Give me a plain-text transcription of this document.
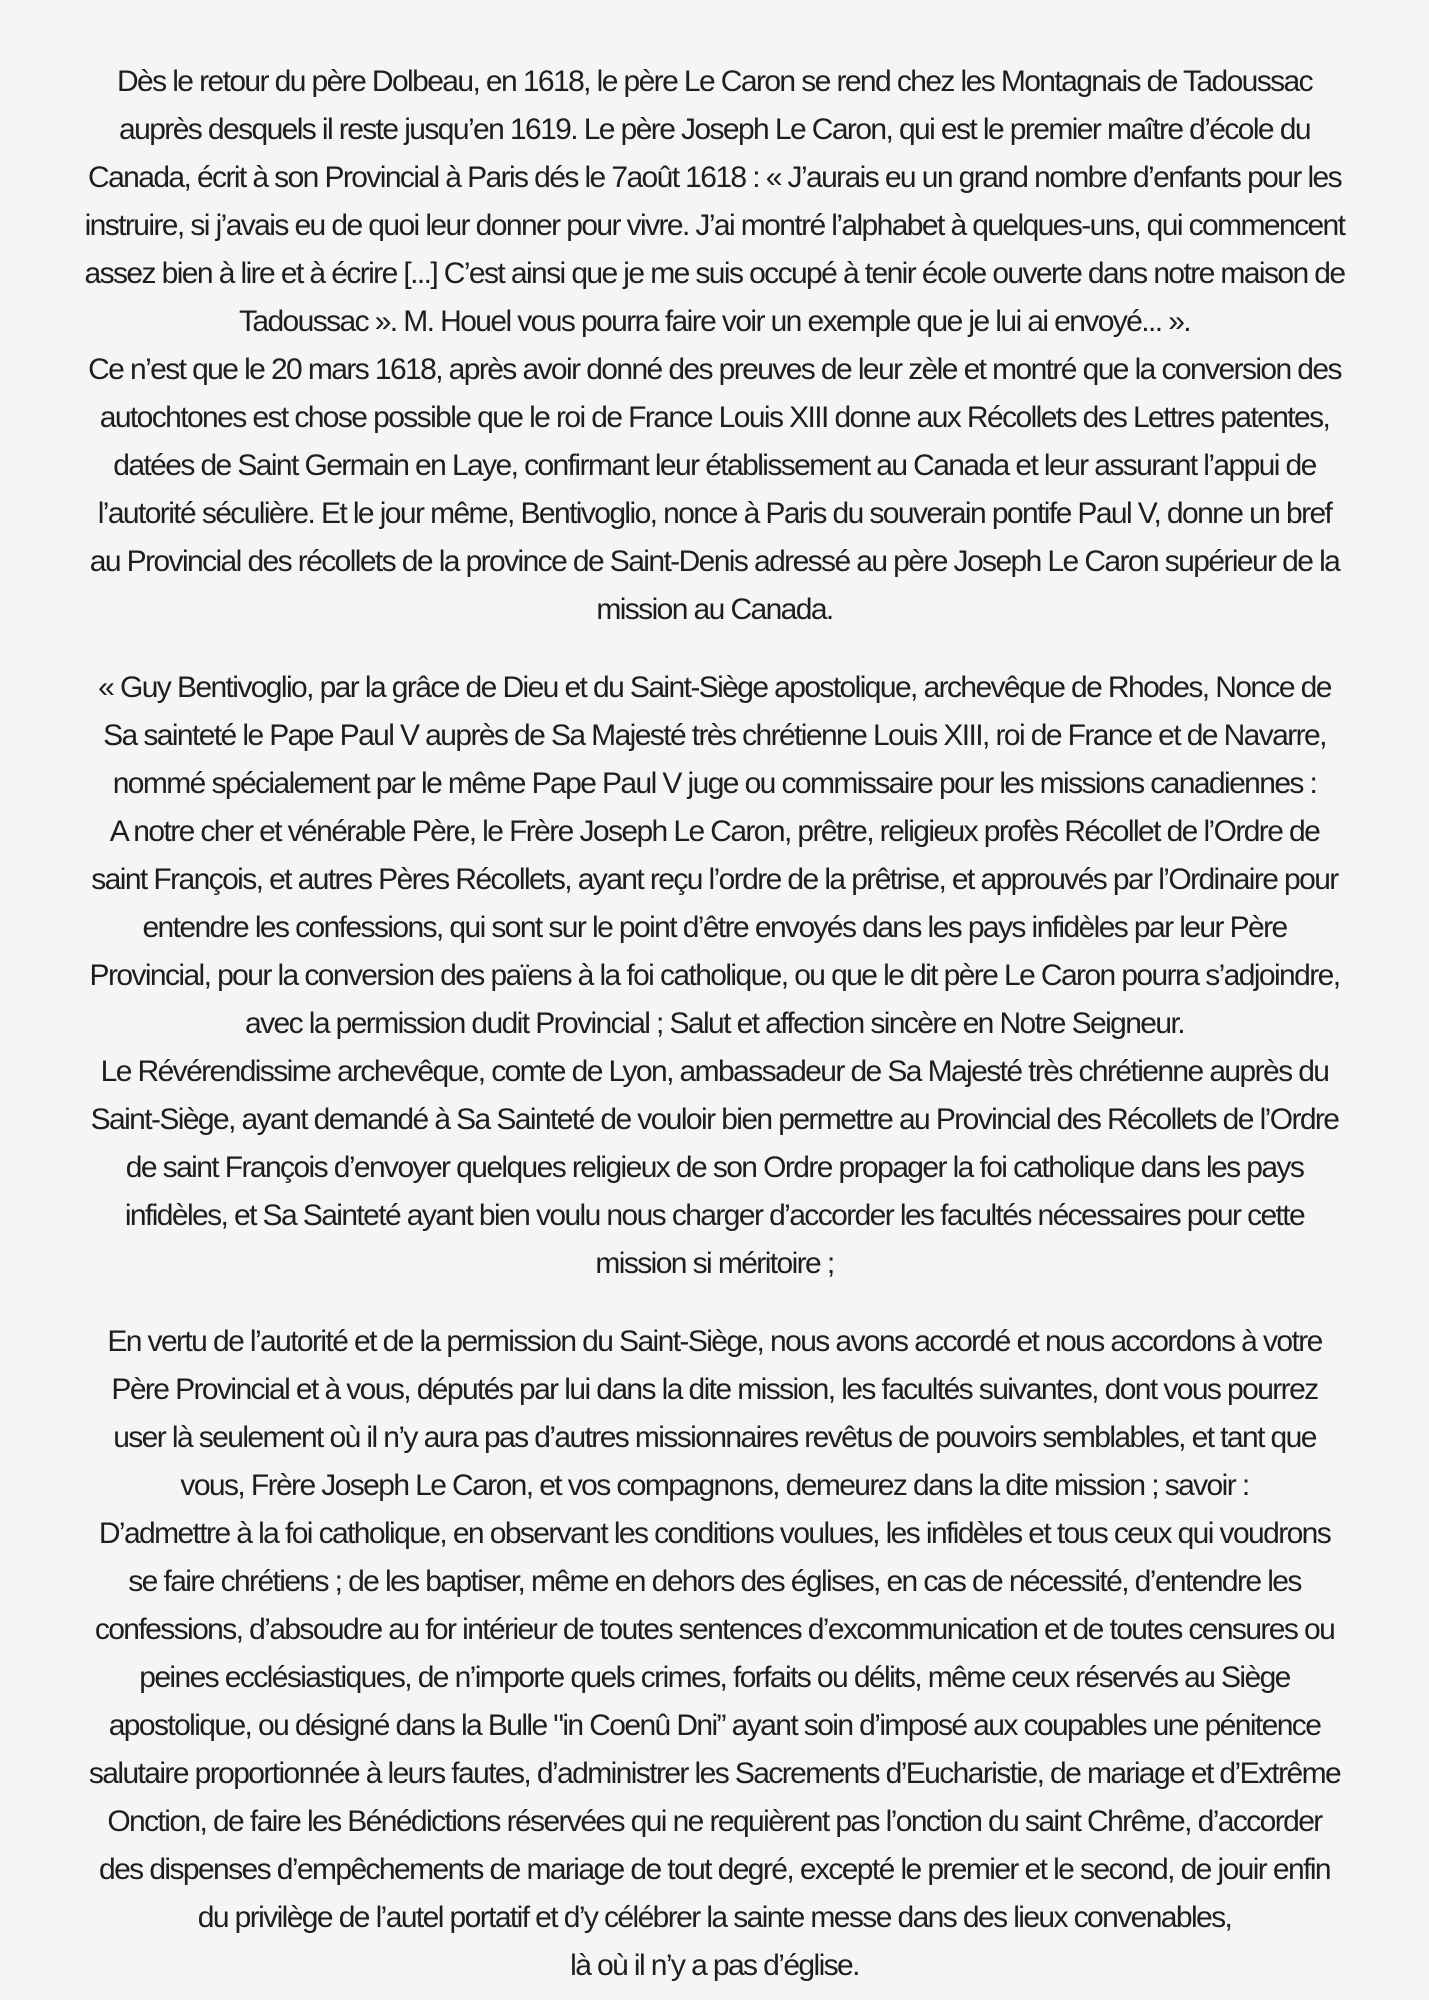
Dès le retour du père Dolbeau, en 1618, le père Le Caron se rend chez les Montagnais de Tadoussac
auprès desquels il reste jusqu’en 1619. Le père Joseph Le Caron, qui est le premier maître d’école du
Canada, écrit à son Provincial à Paris dés le 7août 1618 : « J’aurais eu un grand nombre d’enfants pour les
instruire, si j’avais eu de quoi leur donner pour vivre. J’ai montré l’alphabet à quelques-uns, qui commencent
assez bien à lire et à écrire [...] C’est ainsi que je me suis occupé à tenir école ouverte dans notre maison de
Tadoussac ». M. Houel vous pourra faire voir un exemple que je lui ai envoyé... ».

Ce n’est que le 20 mars 1618, après avoir donné des preuves de leur zèle et montré que la conversion des
autochtones est chose possible que le roi de France Louis XIII donne aux Récollets des Lettres patentes,
datées de Saint Germain en Laye, confirmant leur établissement au Canada et leur assurant l’appui de
l’autorité séculière. Et le jour même, Bentivoglio, nonce à Paris du souverain pontife Paul V, donne un bref
au Provincial des récollets de la province de Saint-Denis adressé au père Joseph Le Caron supérieur de la
mission au Canada.

« Guy Bentivoglio, par la grâce de Dieu et du Saint-Siège apostolique, archevêque de Rhodes, Nonce de
Sa sainteté le Pape Paul V auprès de Sa Majesté très chrétienne Louis XIII, roi de France et de Navarre,
nommé spécialement par le même Pape Paul V juge ou commissaire pour les missions canadiennes :

A notre cher et vénérable Père, le Frère Joseph Le Caron, prêtre, religieux profès Récollet de l’Ordre de
saint François, et autres Pères Récollets, ayant reçu l’ordre de la prêtrise, et approuvés par l’Ordinaire pour
entendre les confessions, qui sont sur le point d’être envoyés dans les pays infidèles par leur Père
Provincial, pour la conversion des païens à la foi catholique, ou que le dit père Le Caron pourra s’adjoindre,
avec la permission dudit Provincial ; Salut et affection sincère en Notre Seigneur.

Le Révérendissime archevêque, comte de Lyon, ambassadeur de Sa Majesté très chrétienne auprès du
Saint-Siège, ayant demandé à Sa Sainteté de vouloir bien permettre au Provincial des Récollets de l’Ordre
de saint François d’envoyer quelques religieux de son Ordre propager la foi catholique dans les pays
infidèles, et Sa Sainteté ayant bien voulu nous charger d’accorder les facultés nécessaires pour cette
mission si méritoire ;

En vertu de l’autorité et de la permission du Saint-Siège, nous avons accordé et nous accordons à votre
Père Provincial et à vous, députés par lui dans la dite mission, les facultés suivantes, dont vous pourrez
user là seulement où il n’y aura pas d’autres missionnaires revêtus de pouvoirs semblables, et tant que
vous, Frère Joseph Le Caron, et vos compagnons, demeurez dans la dite mission ; savoir :

D’admettre à la foi catholique, en observant les conditions voulues, les infidèles et tous ceux qui voudrons
se faire chrétiens ; de les baptiser, même en dehors des églises, en cas de nécessité, d’entendre les
confessions, d’absoudre au for intérieur de toutes sentences d’excommunication et de toutes censures ou
peines ecclésiastiques, de n’importe quels crimes, forfaits ou délits, même ceux réservés au Siège
apostolique, ou désigné dans la Bulle "in Coenû Dni” ayant soin d’imposé aux coupables une pénitence
salutaire proportionnée à leurs fautes, d’administrer les Sacrements d’Eucharistie, de mariage et d’Extrême
Onction, de faire les Bénédictions réservées qui ne requièrent pas l’onction du saint Chrême, d’accorder
des dispenses d’empêchements de mariage de tout degré, excepté le premier et le second, de jouir enfin
du privilège de l’autel portatif et d’y célébrer la sainte messe dans des lieux convenables,
là où il n’y a pas d’église.
